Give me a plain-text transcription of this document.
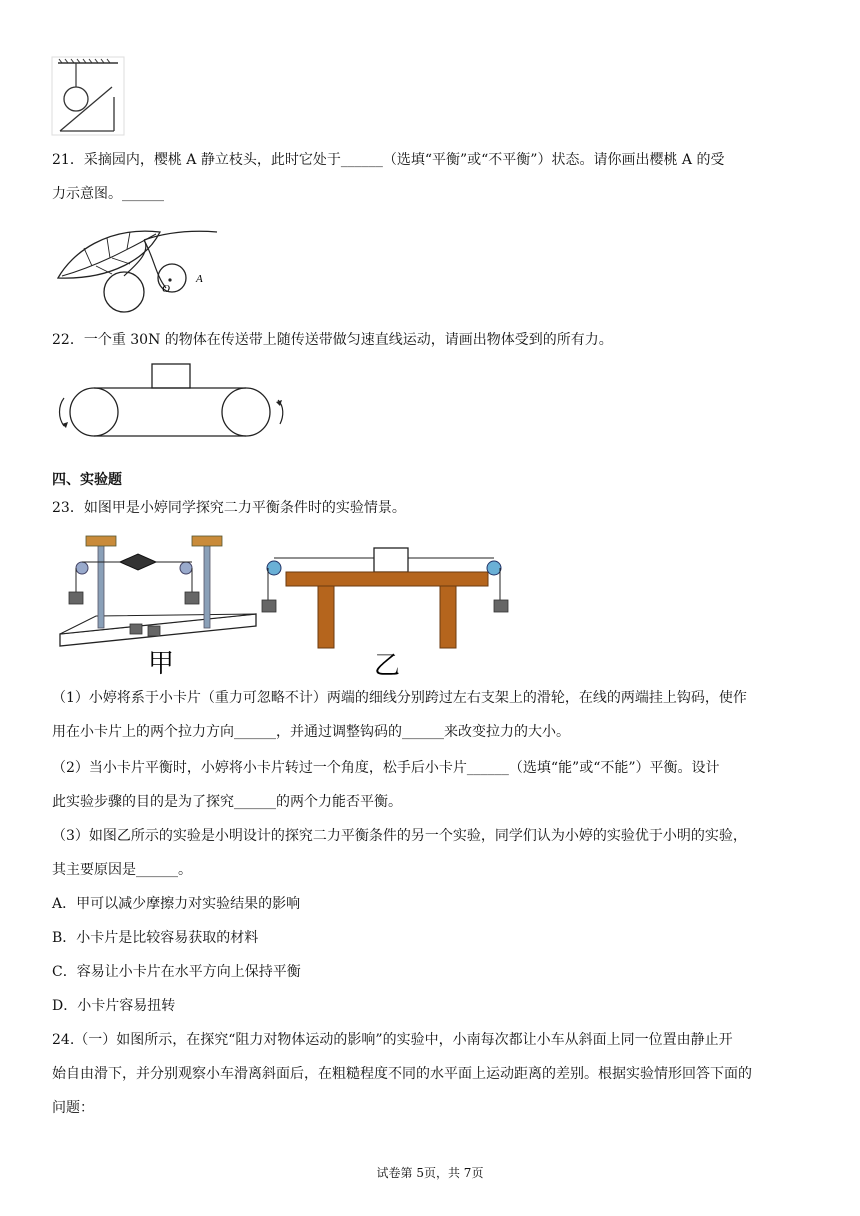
21．采摘园内，樱桃 A 静立枝头，此时它处于______（选填“平衡”或“不平衡”）状态。请你画出樱桃 A 的受
力示意图。______
O
A
22．一个重 30N 的物体在传送带上随传送带做匀速直线运动，请画出物体受到的所有力。
四、实验题
23．如图甲是小婷同学探究二力平衡条件时的实验情景。
甲	乙
（1）小婷将系于小卡片（重力可忽略不计）两端的细线分别跨过左右支架上的滑轮，在线的两端挂上钩码，使作
用在小卡片上的两个拉力方向______，并通过调整钩码的______来改变拉力的大小。
（2）当小卡片平衡时，小婷将小卡片转过一个角度，松手后小卡片______（选填“能”或“不能”）平衡。设计
此实验步骤的目的是为了探究______的两个力能否平衡。
（3）如图乙所示的实验是小明设计的探究二力平衡条件的另一个实验，同学们认为小婷的实验优于小明的实验，
其主要原因是______。
A．甲可以减少摩擦力对实验结果的影响
B．小卡片是比较容易获取的材料
C．容易让小卡片在水平方向上保持平衡
D．小卡片容易扭转
24.（一）如图所示，在探究“阻力对物体运动的影响”的实验中，小南每次都让小车从斜面上同一位置由静止开
始自由滑下，并分别观察小车滑离斜面后，在粗糙程度不同的水平面上运动距离的差别。根据实验情形回答下面的
问题：
试卷第 5页，共 7页
